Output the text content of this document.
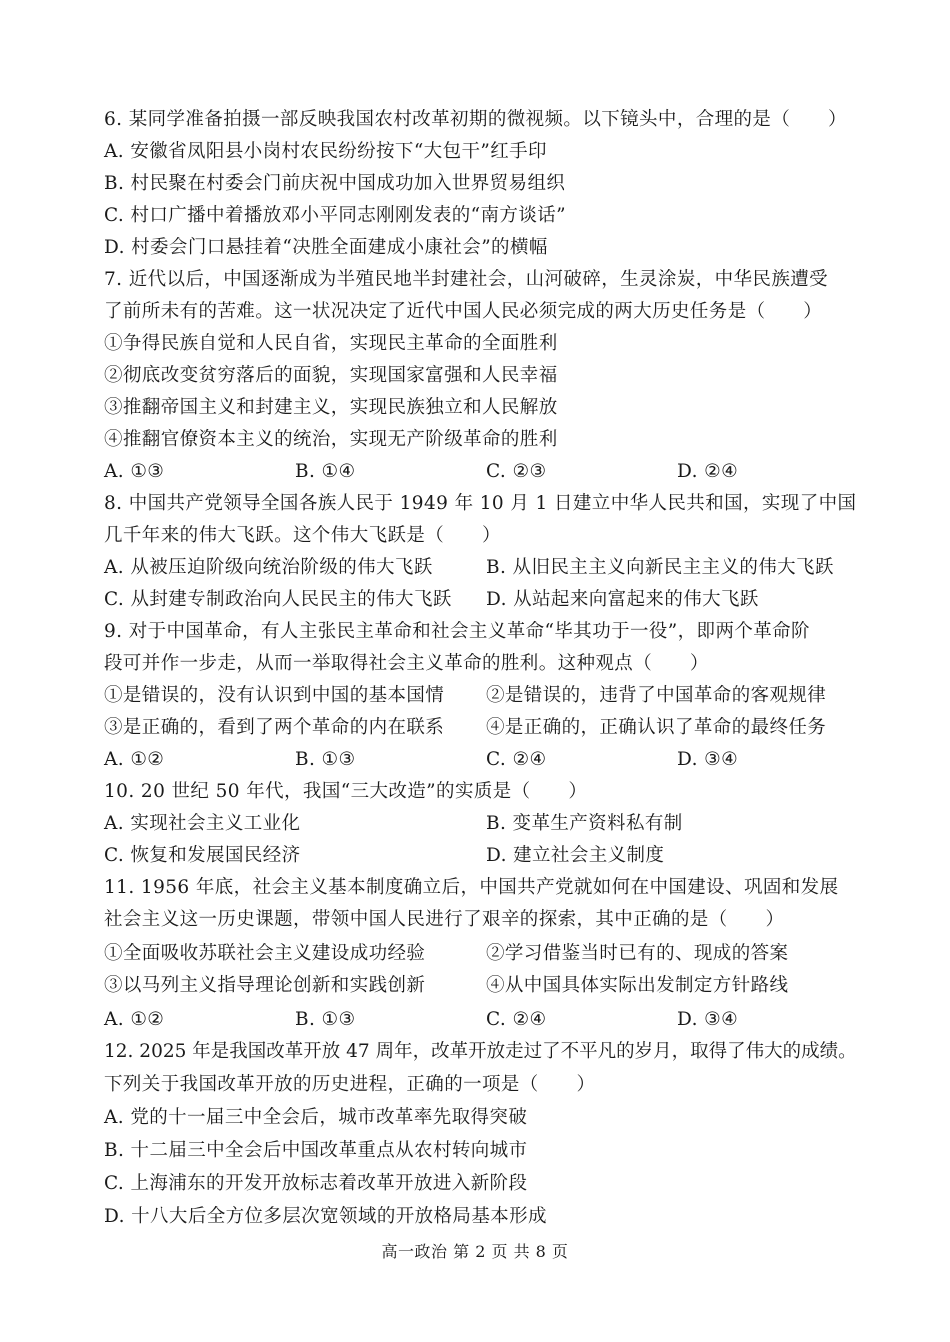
6. 某同学准备拍摄一部反映我国农村改革初期的微视频。以下镜头中，合理的是（　　）
A. 安徽省凤阳县小岗村农民纷纷按下“大包干”红手印
B. 村民聚在村委会门前庆祝中国成功加入世界贸易组织
C. 村口广播中着播放邓小平同志刚刚发表的“南方谈话”
D. 村委会门口悬挂着“决胜全面建成小康社会”的横幅
7. 近代以后，中国逐渐成为半殖民地半封建社会，山河破碎，生灵涂炭，中华民族遭受
了前所未有的苦难。这一状况决定了近代中国人民必须完成的两大历史任务是（　　）
①争得民族自觉和人民自省，实现民主革命的全面胜利
②彻底改变贫穷落后的面貌，实现国家富强和人民幸福
③推翻帝国主义和封建主义，实现民族独立和人民解放
④推翻官僚资本主义的统治，实现无产阶级革命的胜利
A. ①③	B. ①④	C. ②③	D. ②④
8. 中国共产党领导全国各族人民于 1949 年 10 月 1 日建立中华人民共和国，实现了中国
几千年来的伟大飞跃。这个伟大飞跃是（　　）
A. 从被压迫阶级向统治阶级的伟大飞跃	B. 从旧民主主义向新民主主义的伟大飞跃
C. 从封建专制政治向人民民主的伟大飞跃 D. 从站起来向富起来的伟大飞跃
9. 对于中国革命，有人主张民主革命和社会主义革命“毕其功于一役”，即两个革命阶
段可并作一步走，从而一举取得社会主义革命的胜利。这种观点（　　）
①是错误的，没有认识到中国的基本国情 ②是错误的，违背了中国革命的客观规律
③是正确的，看到了两个革命的内在联系 ④是正确的，正确认识了革命的最终任务
A. ①②	B. ①③	C. ②④	D. ③④
10. 20 世纪 50 年代，我国“三大改造”的实质是（　　）
A. 实现社会主义工业化	B. 变革生产资料私有制
C. 恢复和发展国民经济	D. 建立社会主义制度
11. 1956 年底，社会主义基本制度确立后，中国共产党就如何在中国建设、巩固和发展
社会主义这一历史课题，带领中国人民进行了艰辛的探索，其中正确的是（　　）
①全面吸收苏联社会主义建设成功经验	②学习借鉴当时已有的、现成的答案
③以马列主义指导理论创新和实践创新	④从中国具体实际出发制定方针路线
A. ①②	B. ①③	C. ②④	D. ③④
12. 2025 年是我国改革开放 47 周年，改革开放走过了不平凡的岁月，取得了伟大的成绩。
下列关于我国改革开放的历史进程，正确的一项是（　　）
A. 党的十一届三中全会后，城市改革率先取得突破
B. 十二届三中全会后中国改革重点从农村转向城市
C. 上海浦东的开发开放标志着改革开放进入新阶段
D. 十八大后全方位多层次宽领域的开放格局基本形成
高一政治 第 2 页 共 8 页
